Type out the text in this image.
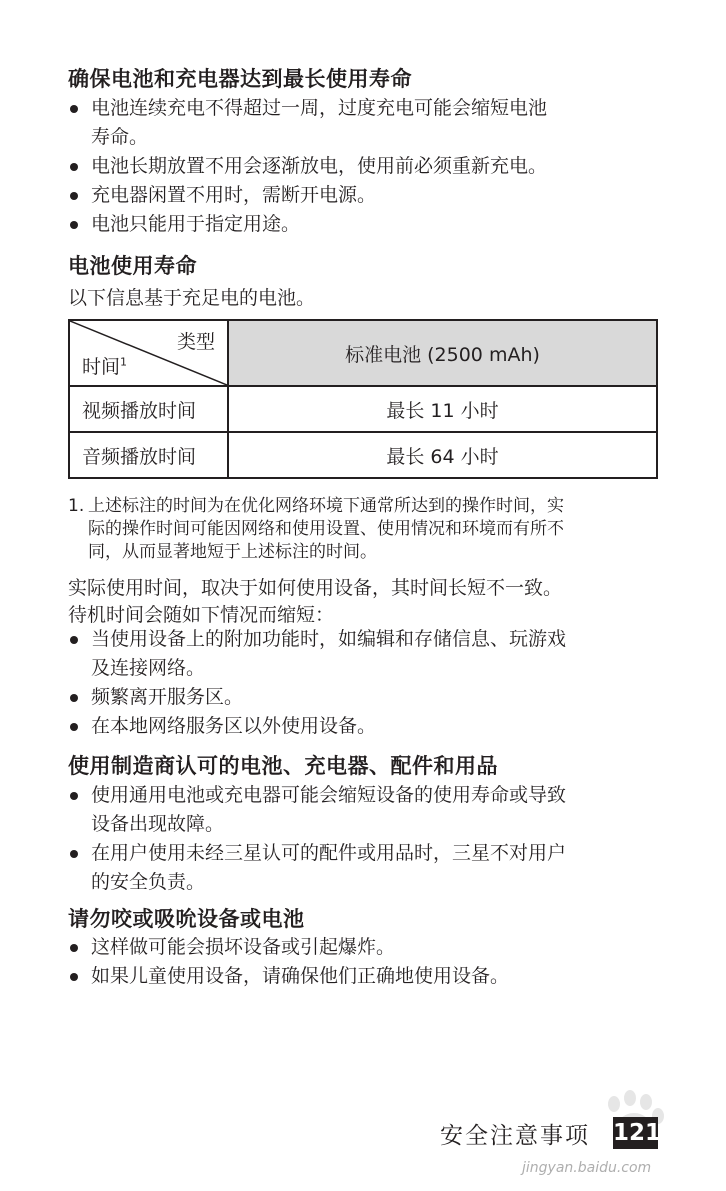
确保电池和充电器达到最长使用寿命
电池连续充电不得超过一周，过度充电可能会缩短电池
寿命。
电池长期放置不用会逐渐放电，使用前必须重新充电。
充电器闲置不用时，需断开电源。
电池只能用于指定用途。
电池使用寿命
以下信息基于充足电的电池。
类型
时间$^1$	标准电池 (2500 mAh)
视频播放时间	最长 11 小时
音频播放时间	最长 64 小时
1. 上述标注的时间为在优化网络环境下通常所达到的操作时间，实
际的操作时间可能因网络和使用设置、使用情况和环境而有所不
同，从而显著地短于上述标注的时间。
实际使用时间，取决于如何使用设备，其时间长短不一致。
待机时间会随如下情况而缩短：
当使用设备上的附加功能时，如编辑和存储信息、玩游戏
及连接网络。
频繁离开服务区。
在本地网络服务区以外使用设备。
使用制造商认可的电池、充电器、配件和用品
使用通用电池或充电器可能会缩短设备的使用寿命或导致
设备出现故障。
在用户使用未经三星认可的配件或用品时，三星不对用户
的安全负责。
请勿咬或吸吮设备或电池
这样做可能会损坏设备或引起爆炸。
如果儿童使用设备，请确保他们正确地使用设备。
jingyan.baidu.com
安全注意事项 121
